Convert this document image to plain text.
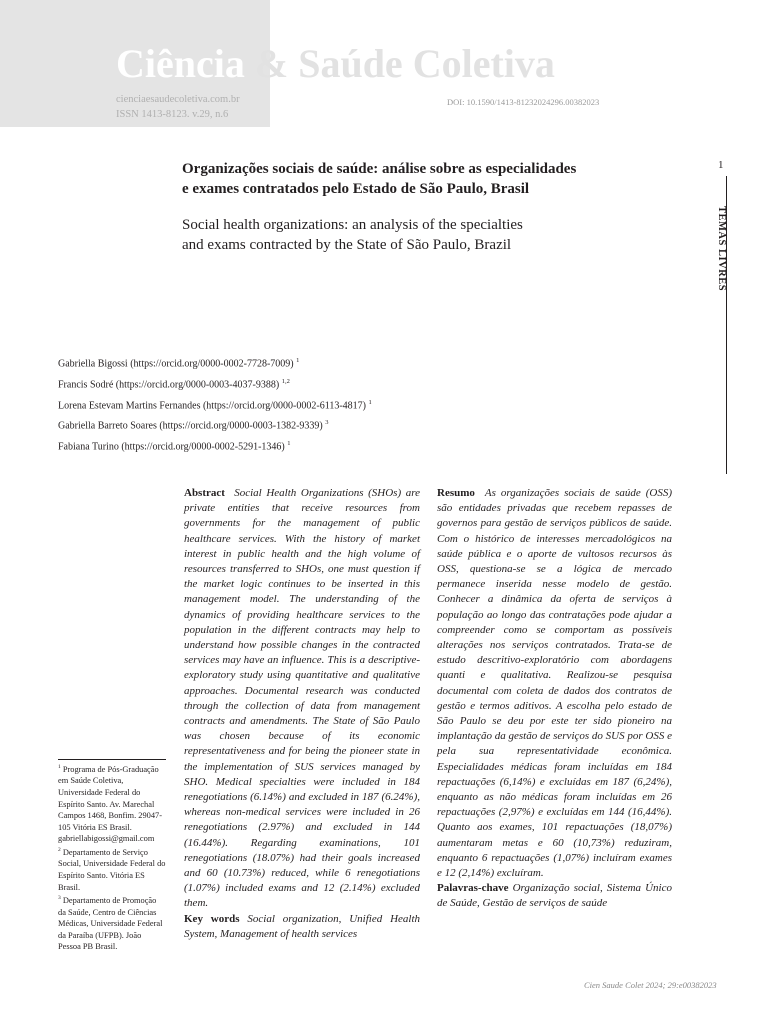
Ciência & Saúde Coletiva
cienciaesaudecoletiva.com.br
ISSN 1413-8123. v.29, n.6
DOI: 10.1590/1413-81232024296.00382023
1
TEMAS LIVRES
Organizações sociais de saúde: análise sobre as especialidades
e exames contratados pelo Estado de São Paulo, Brasil
Social health organizations: an analysis of the specialties
and exams contracted by the State of São Paulo, Brazil
Gabriella Bigossi (https://orcid.org/0000-0002-7728-7009) $^1$
Francis Sodré (https://orcid.org/0000-0003-4037-9388) $^{1,2}$
Lorena Estevam Martins Fernandes (https://orcid.org/0000-0002-6113-4817) $^1$
Gabriella Barreto Soares (https://orcid.org/0000-0003-1382-9339) $^3$
Fabiana Turino (https://orcid.org/0000-0002-5291-1346) $^1$
$^1$ Programa de Pós-Graduação em Saúde Coletiva, Universidade Federal do Espírito Santo. Av. Marechal Campos 1468, Bonfim. 29047-105 Vitória ES Brasil. gabriellabigossi@gmail.com
$^2$ Departamento de Serviço Social, Universidade Federal do Espírito Santo. Vitória ES Brasil.
$^3$ Departamento de Promoção da Saúde, Centro de Ciências Médicas, Universidade Federal da Paraíba (UFPB). João Pessoa PB Brasil.

Abstract Social Health Organizations (SHOs) are private entities that receive resources from governments for the management of public healthcare services. With the history of market interest in public health and the high volume of resources transferred to SHOs, one must question if the market logic continues to be inserted in this management model. The understanding of the dynamics of providing healthcare services to the population in the different contracts may help to understand how possible changes in the contracted services may have an influence. This is a descriptive-exploratory study using quantitative and qualitative approaches. Documental research was conducted through the collection of data from management contracts and amendments. The State of São Paulo was chosen because of its economic representativeness and for being the pioneer state in the implementation of SUS services managed by SHO. Medical specialties were included in 184 renegotiations (6.14%) and excluded in 187 (6.24%), whereas non-medical services were included in 26 renegotiations (2.97%) and excluded in 144 (16.44%). Regarding examinations, 101 renegotiations (18.07%) had their goals increased and 60 (10.73%) reduced, while 6 renegotiations (1.07%) included exams and 12 (2.14%) excluded them.

Key words Social organization, Unified Health System, Management of health services

Resumo As organizações sociais de saúde (OSS) são entidades privadas que recebem repasses de governos para gestão de serviços públicos de saúde. Com o histórico de interesses mercadológicos na saúde pública e o aporte de vultosos recursos às OSS, questiona-se se a lógica de mercado permanece inserida nesse modelo de gestão. Conhecer a dinâmica da oferta de serviços à população ao longo das contratações pode ajudar a compreender como se comportam as possíveis alterações nos serviços contratados. Trata-se de estudo descritivo-exploratório com abordagens quanti e qualitativa. Realizou-se pesquisa documental com coleta de dados dos contratos de gestão e termos aditivos. A escolha pelo estado de São Paulo se deu por este ter sido pioneiro na implantação da gestão de serviços do SUS por OSS e pela sua representatividade econômica. Especialidades médicas foram incluídas em 184 repactuações (6,14%) e excluídas em 187 (6,24%), enquanto as não médicas foram incluídas em 26 repactuações (2,97%) e excluídas em 144 (16,44%). Quanto aos exames, 101 repactuações (18,07%) aumentaram metas e 60 (10,73%) reduziram, enquanto 6 repactuações (1,07%) incluíram exames e 12 (2,14%) excluíram.

Palavras-chave Organização social, Sistema Único de Saúde, Gestão de serviços de saúde

Cien Saude Colet 2024; 29:e00382023
